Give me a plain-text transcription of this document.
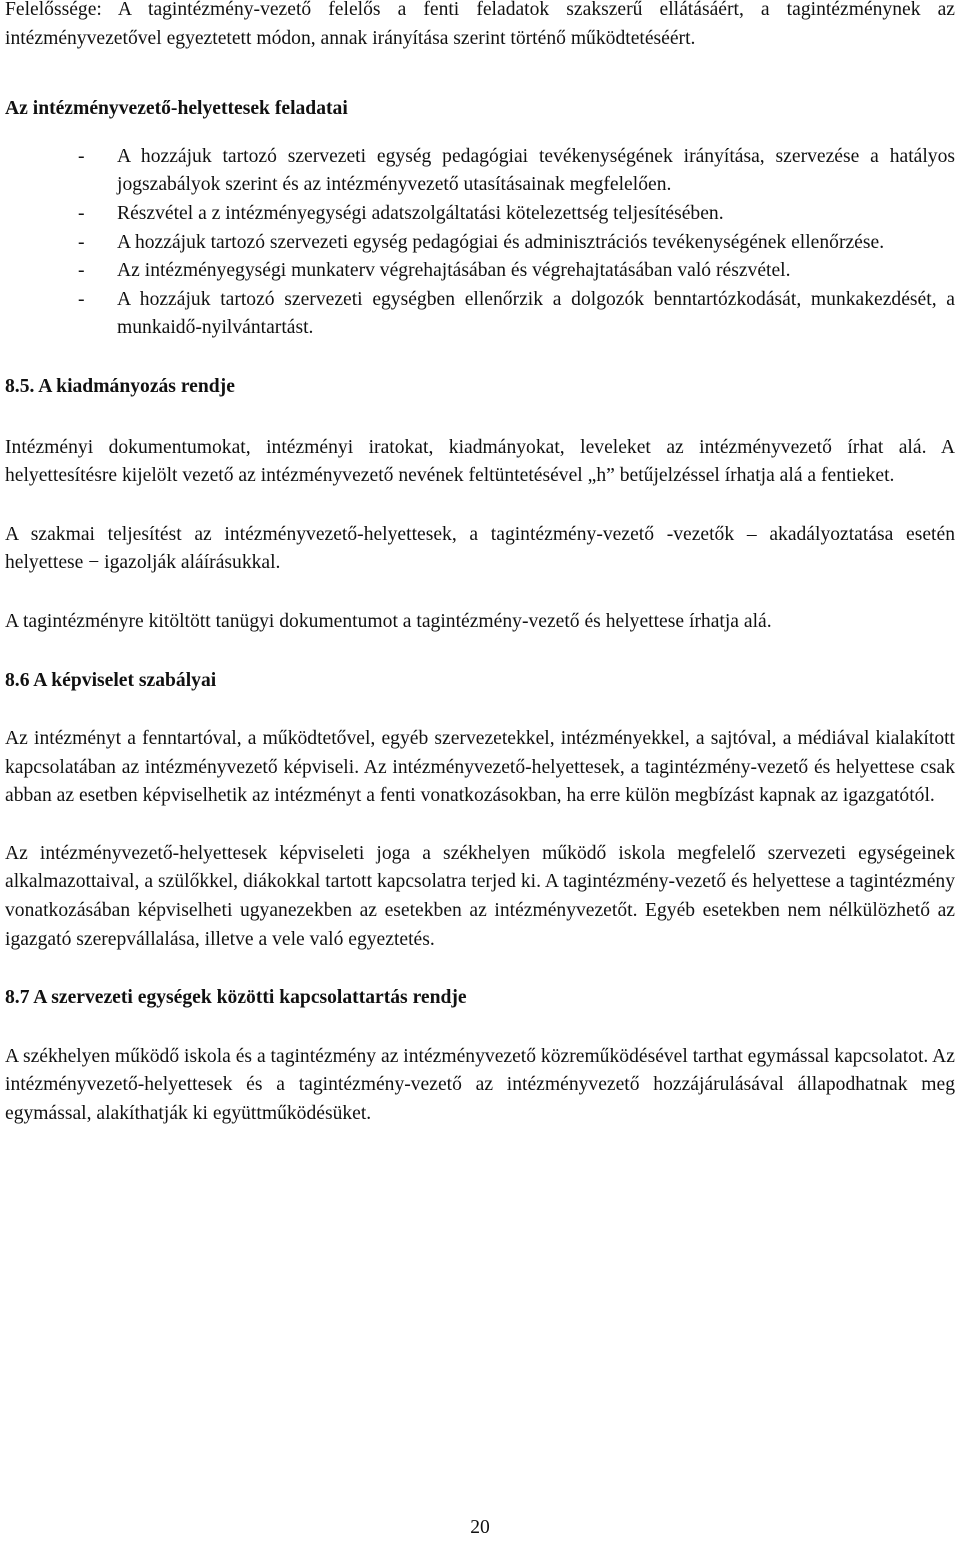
Felelőssége: A tagintézmény-vezető felelős a fenti feladatok szakszerű ellátásáért, a tagintézménynek az intézményvezetővel egyeztetett módon, annak irányítása szerint történő működtetéséért.

Az intézményvezető-helyettesek feladatai

- A hozzájuk tartozó szervezeti egység pedagógiai tevékenységének irányítása, szervezése a hatályos jogszabályok szerint és az intézményvezető utasításainak megfelelően.
- Részvétel a z intézményegységi adatszolgáltatási kötelezettség teljesítésében.
- A hozzájuk tartozó szervezeti egység pedagógiai és adminisztrációs tevékenységének ellenőrzése.
- Az intézményegységi munkaterv végrehajtásában és végrehajtatásában való részvétel.
- A hozzájuk tartozó szervezeti egységben ellenőrzik a dolgozók benntartózkodását, munkakezdését, a munkaidő-nyilvántartást.

8.5. A kiadmányozás rendje

Intézményi dokumentumokat, intézményi iratokat, kiadmányokat, leveleket az intézményvezető írhat alá. A helyettesítésre kijelölt vezető az intézményvezető nevének feltüntetésével „h” betűjelzéssel írhatja alá a fentieket.

A szakmai teljesítést az intézményvezető-helyettesek, a tagintézmény-vezető -vezetők – akadályoztatása esetén helyettese − igazolják aláírásukkal.

A tagintézményre kitöltött tanügyi dokumentumot a tagintézmény-vezető és helyettese írhatja alá.

8.6 A képviselet szabályai

Az intézményt a fenntartóval, a működtetővel, egyéb szervezetekkel, intézményekkel, a sajtóval, a médiával kialakított kapcsolatában az intézményvezető képviseli. Az intézményvezető-helyettesek, a tagintézmény-vezető és helyettese csak abban az esetben képviselhetik az intézményt a fenti vonatkozásokban, ha erre külön megbízást kapnak az igazgatótól.

Az intézményvezető-helyettesek képviseleti joga a székhelyen működő iskola megfelelő szervezeti egységeinek alkalmazottaival, a szülőkkel, diákokkal tartott kapcsolatra terjed ki. A tagintézmény-vezető és helyettese a tagintézmény vonatkozásában képviselheti ugyanezekben az esetekben az intézményvezetőt. Egyéb esetekben nem nélkülözhető az igazgató szerepvállalása, illetve a vele való egyeztetés.

8.7 A szervezeti egységek közötti kapcsolattartás rendje

A székhelyen működő iskola és a tagintézmény az intézményvezető közreműködésével tarthat egymással kapcsolatot. Az intézményvezető-helyettesek és a tagintézmény-vezető az intézményvezető hozzájárulásával állapodhatnak meg egymással, alakíthatják ki együttműködésüket.

20
